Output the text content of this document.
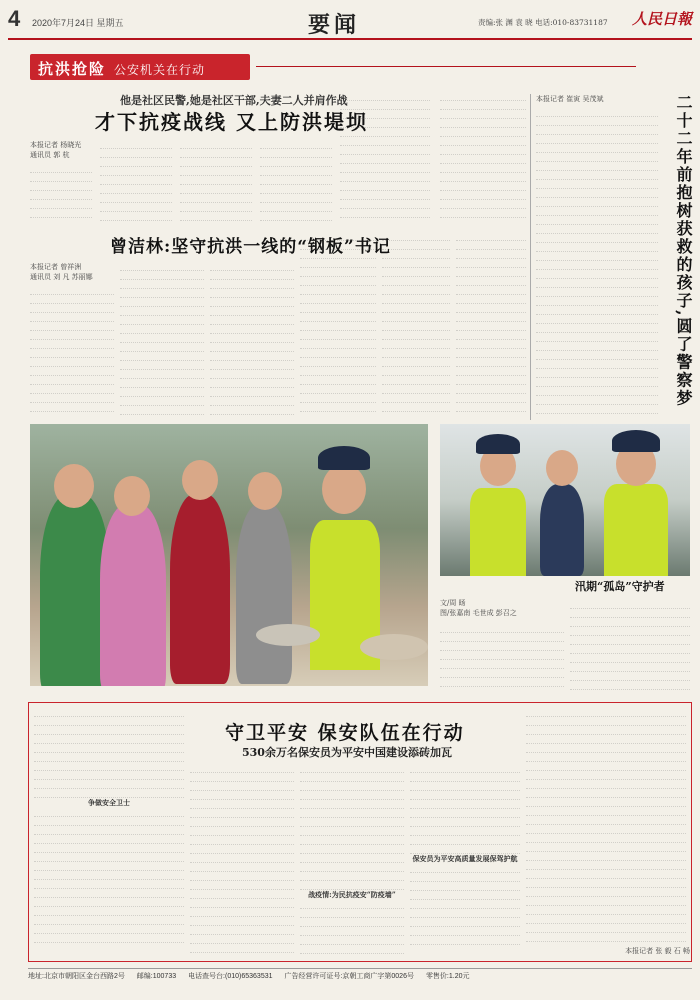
4 2020年7月24日 星期五	要闻	责编:张 渊 袁 晓 电话:010-83731187 人民日報
抗洪抢险 公安机关在行动
他是社区民警,她是社区干部,夫妻二人并肩作战
才下抗疫战线 又上防洪堤坝
本报记者 杨晓光
通讯员 郭 杭
曾洁林:坚守抗洪一线的“钢板”书记
本报记者 曾祥洲
通讯员 刘 凡 苏丽娜
本报记者 崔寅 吴茂斌	二十二年前抱树获救的孩子,圆了警察梦
汛期“孤岛”守护者
文/周 旸
图/张嘉南 毛世成 彭召之
守卫平安 保安队伍在行动
530余万名保安员为平安中国建设添砖加瓦
争做安全卫士
战疫情:为民抗疫安“防疫墙”
保安员为平安高质量发展保驾护航
本报记者 张 毅 石 畅
地址:北京市朝阳区金台西路2号 邮编:100733 电话查号台:(010)65363531 广告经营许可证号:京朝工商广字第0026号 零售价:1.20元
